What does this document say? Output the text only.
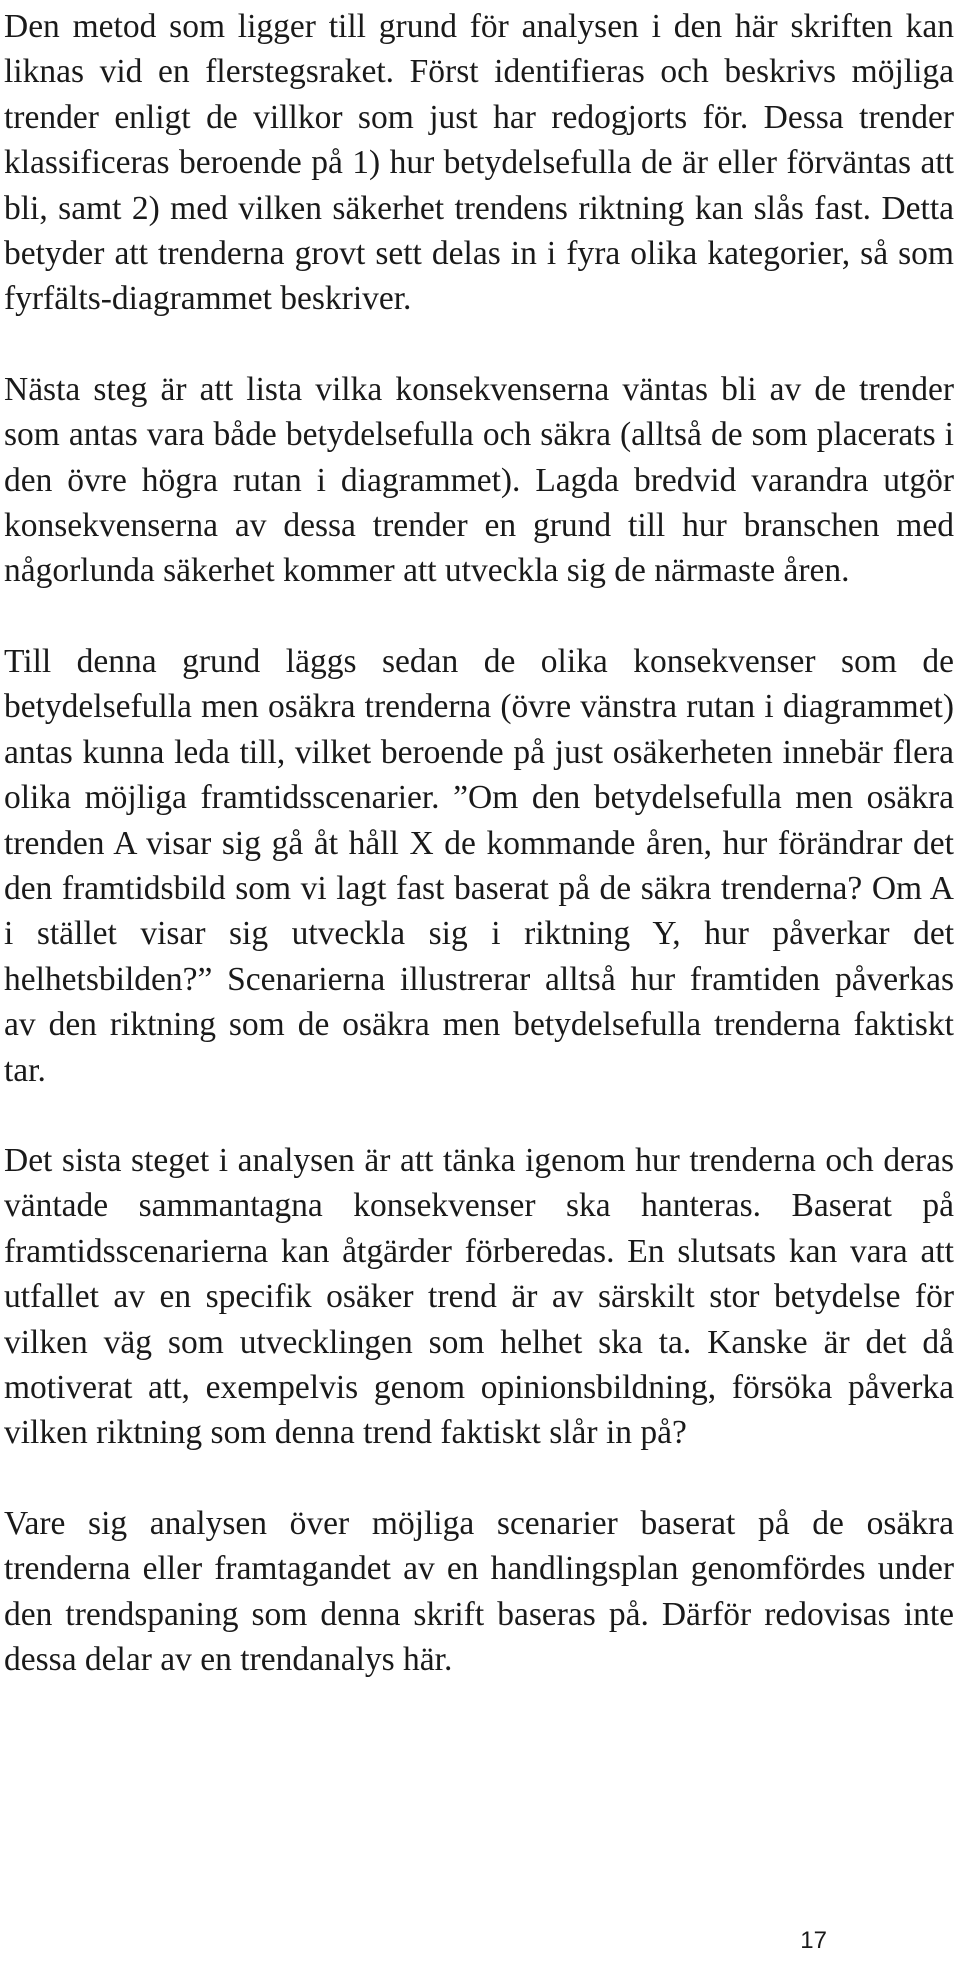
Den metod som ligger till grund för analysen i den här skriften kan liknas vid en flerstegsraket. Först identifieras och beskrivs möjliga trender enligt de villkor som just har redogjorts för. Dessa trender klassificeras beroende på 1) hur betydelsefulla de är eller förväntas att bli, samt 2) med vilken säkerhet trendens riktning kan slås fast. Detta betyder att trenderna grovt sett delas in i fyra olika kategorier, så som fyrfälts-diagrammet beskriver.

Nästa steg är att lista vilka konsekvenserna väntas bli av de trender som antas vara både betydelsefulla och säkra (alltså de som placerats i den övre högra rutan i diagrammet). Lagda bredvid varandra utgör konsekvenserna av dessa trender en grund till hur branschen med någorlunda säkerhet kommer att utveckla sig de närmaste åren.

Till denna grund läggs sedan de olika konsekvenser som de betydelsefulla men osäkra trenderna (övre vänstra rutan i diagrammet) antas kunna leda till, vilket beroende på just osäkerheten innebär flera olika möjliga framtidsscenarier. ”Om den betydelsefulla men osäkra trenden A visar sig gå åt håll X de kommande åren, hur förändrar det den framtidsbild som vi lagt fast baserat på de säkra trenderna? Om A i stället visar sig utveckla sig i riktning Y, hur påverkar det helhetsbilden?” Scenarierna illustrerar alltså hur framtiden påverkas av den riktning som de osäkra men betydelsefulla trenderna faktiskt tar.

Det sista steget i analysen är att tänka igenom hur trenderna och deras väntade sammantagna konsekvenser ska hanteras. Baserat på framtidsscenarierna kan åtgärder förberedas. En slutsats kan vara att utfallet av en specifik osäker trend är av särskilt stor betydelse för vilken väg som utvecklingen som helhet ska ta. Kanske är det då motiverat att, exempelvis genom opinionsbildning, försöka påverka vilken riktning som denna trend faktiskt slår in på?

Vare sig analysen över möjliga scenarier baserat på de osäkra trenderna eller framtagandet av en handlingsplan genomfördes under den trendspaning som denna skrift baseras på. Därför redovisas inte dessa delar av en trendanalys här.

17
